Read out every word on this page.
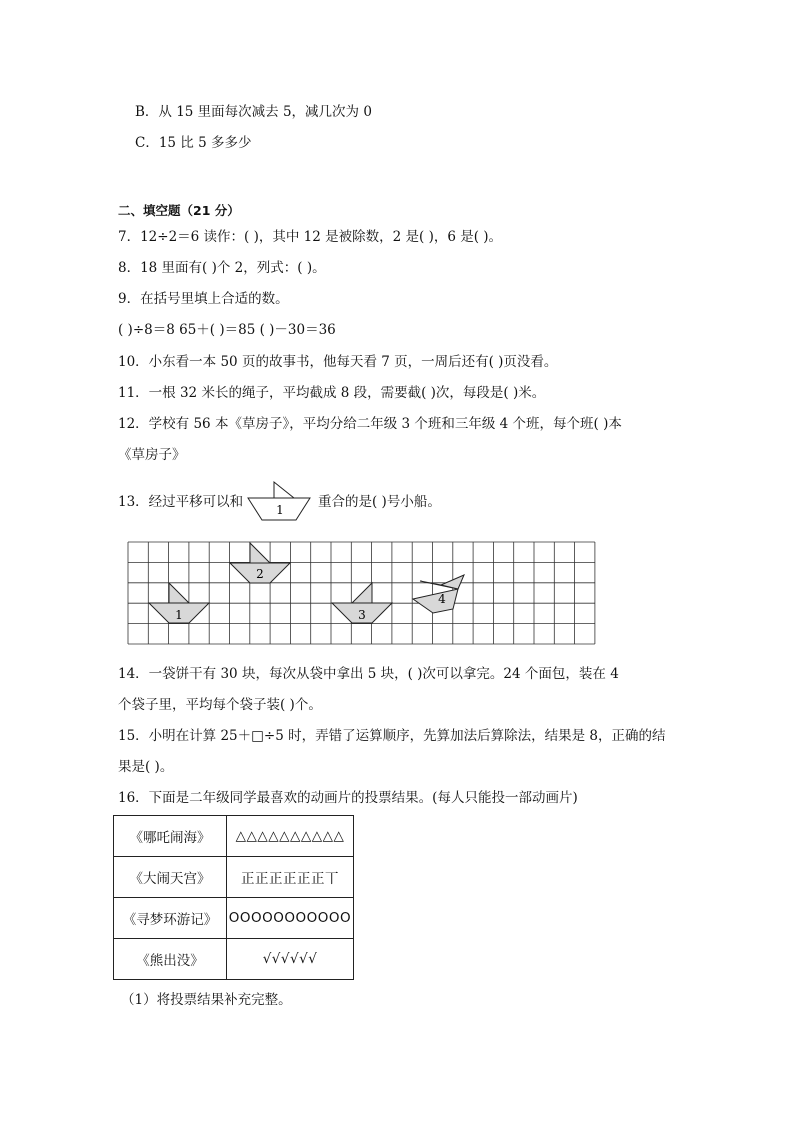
B．从 15 里面每次减去 5，减几次为 0
C．15 比 5 多多少
二、填空题（21 分）
7．12÷2＝6 读作：( )，其中 12 是被除数，2 是( )，6 是( )。
8．18 里面有( )个 2，列式：( )。
9．在括号里填上合适的数。
( )÷8＝8 65＋( )＝85 ( )－30＝36
10．小东看一本 50 页的故事书，他每天看 7 页，一周后还有( )页没看。
11．一根 32 米长的绳子，平均截成 8 段，需要截( )次，每段是( )米。
12．学校有 56 本《草房子》，平均分给二年级 3 个班和三年级 4 个班，每个班( )本
《草房子》
13．经过平移可以和	1	重合的是( )号小船。
1
2
3
4
14．一袋饼干有 30 块，每次从袋中拿出 5 块，( )次可以拿完。24 个面包，装在 4
个袋子里，平均每个袋子装( )个。
15．小明在计算 25＋□÷5 时，弄错了运算顺序，先算加法后算除法，结果是 8，正确的结
果是( )。
16．下面是二年级同学最喜欢的动画片的投票结果。(每人只能投一部动画片)
《哪吒闹海》	△△△△△△△△△△
《大闹天宫》	正正正正正正丅
《寻梦环游记》	OOOOOOOOOOO
《熊出没》	√√√√√√
（1）将投票结果补充完整。
